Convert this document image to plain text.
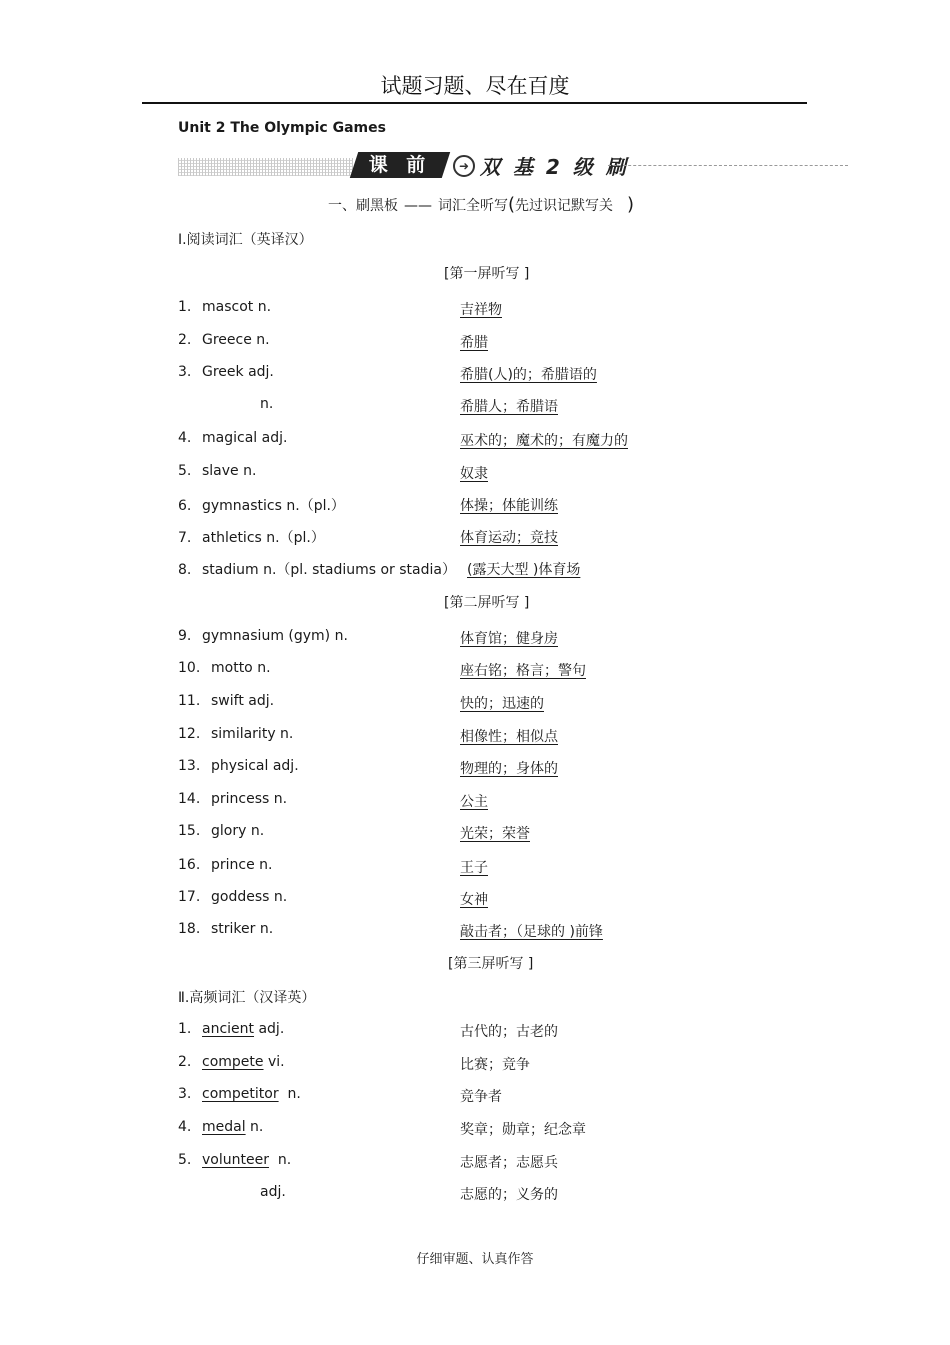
试题习题、尽在百度
Unit 2 The Olympic Games
课 前	➜ 双 基 2 级 刷
一、刷黑板 —— 词汇全听写(先过识记默写关 )
Ⅰ.阅读词汇（英译汉）
[第一屏听写 ]
1. mascot n.	吉祥物
2. Greece n.	希腊
3. Greek adj.	希腊(人)的；希腊语的
n.	希腊人；希腊语
4. magical adj.	巫术的；魔术的；有魔力的
5. slave n.	奴隶
6. gymnastics n.（pl.）	体操；体能训练
7. athletics n.（pl.）	体育运动；竞技
8. stadium n.（pl. stadiums or stadia） (露天大型 )体育场
9. gymnasium (gym) n.	体育馆；健身房
10. motto n.	座右铭；格言；警句
11. swift adj.	快的；迅速的
12. similarity n.	相像性；相似点
13. physical adj.	物理的；身体的
14. princess n.	公主
15. glory n.	光荣；荣誉
16. prince n.	王子
17. goddess n.	女神
18. striker n.	敲击者；（足球的 )前锋
[第二屏听写 ]
[第三屏听写 ]
Ⅱ.高频词汇（汉译英）
1. ancient adj.	古代的；古老的
2. compete vi.	比赛；竞争
3. competitor  n.	竞争者
4. medal n.	奖章；勋章；纪念章
5. volunteer  n.	志愿者；志愿兵
adj.	志愿的；义务的
仔细审题、认真作答
